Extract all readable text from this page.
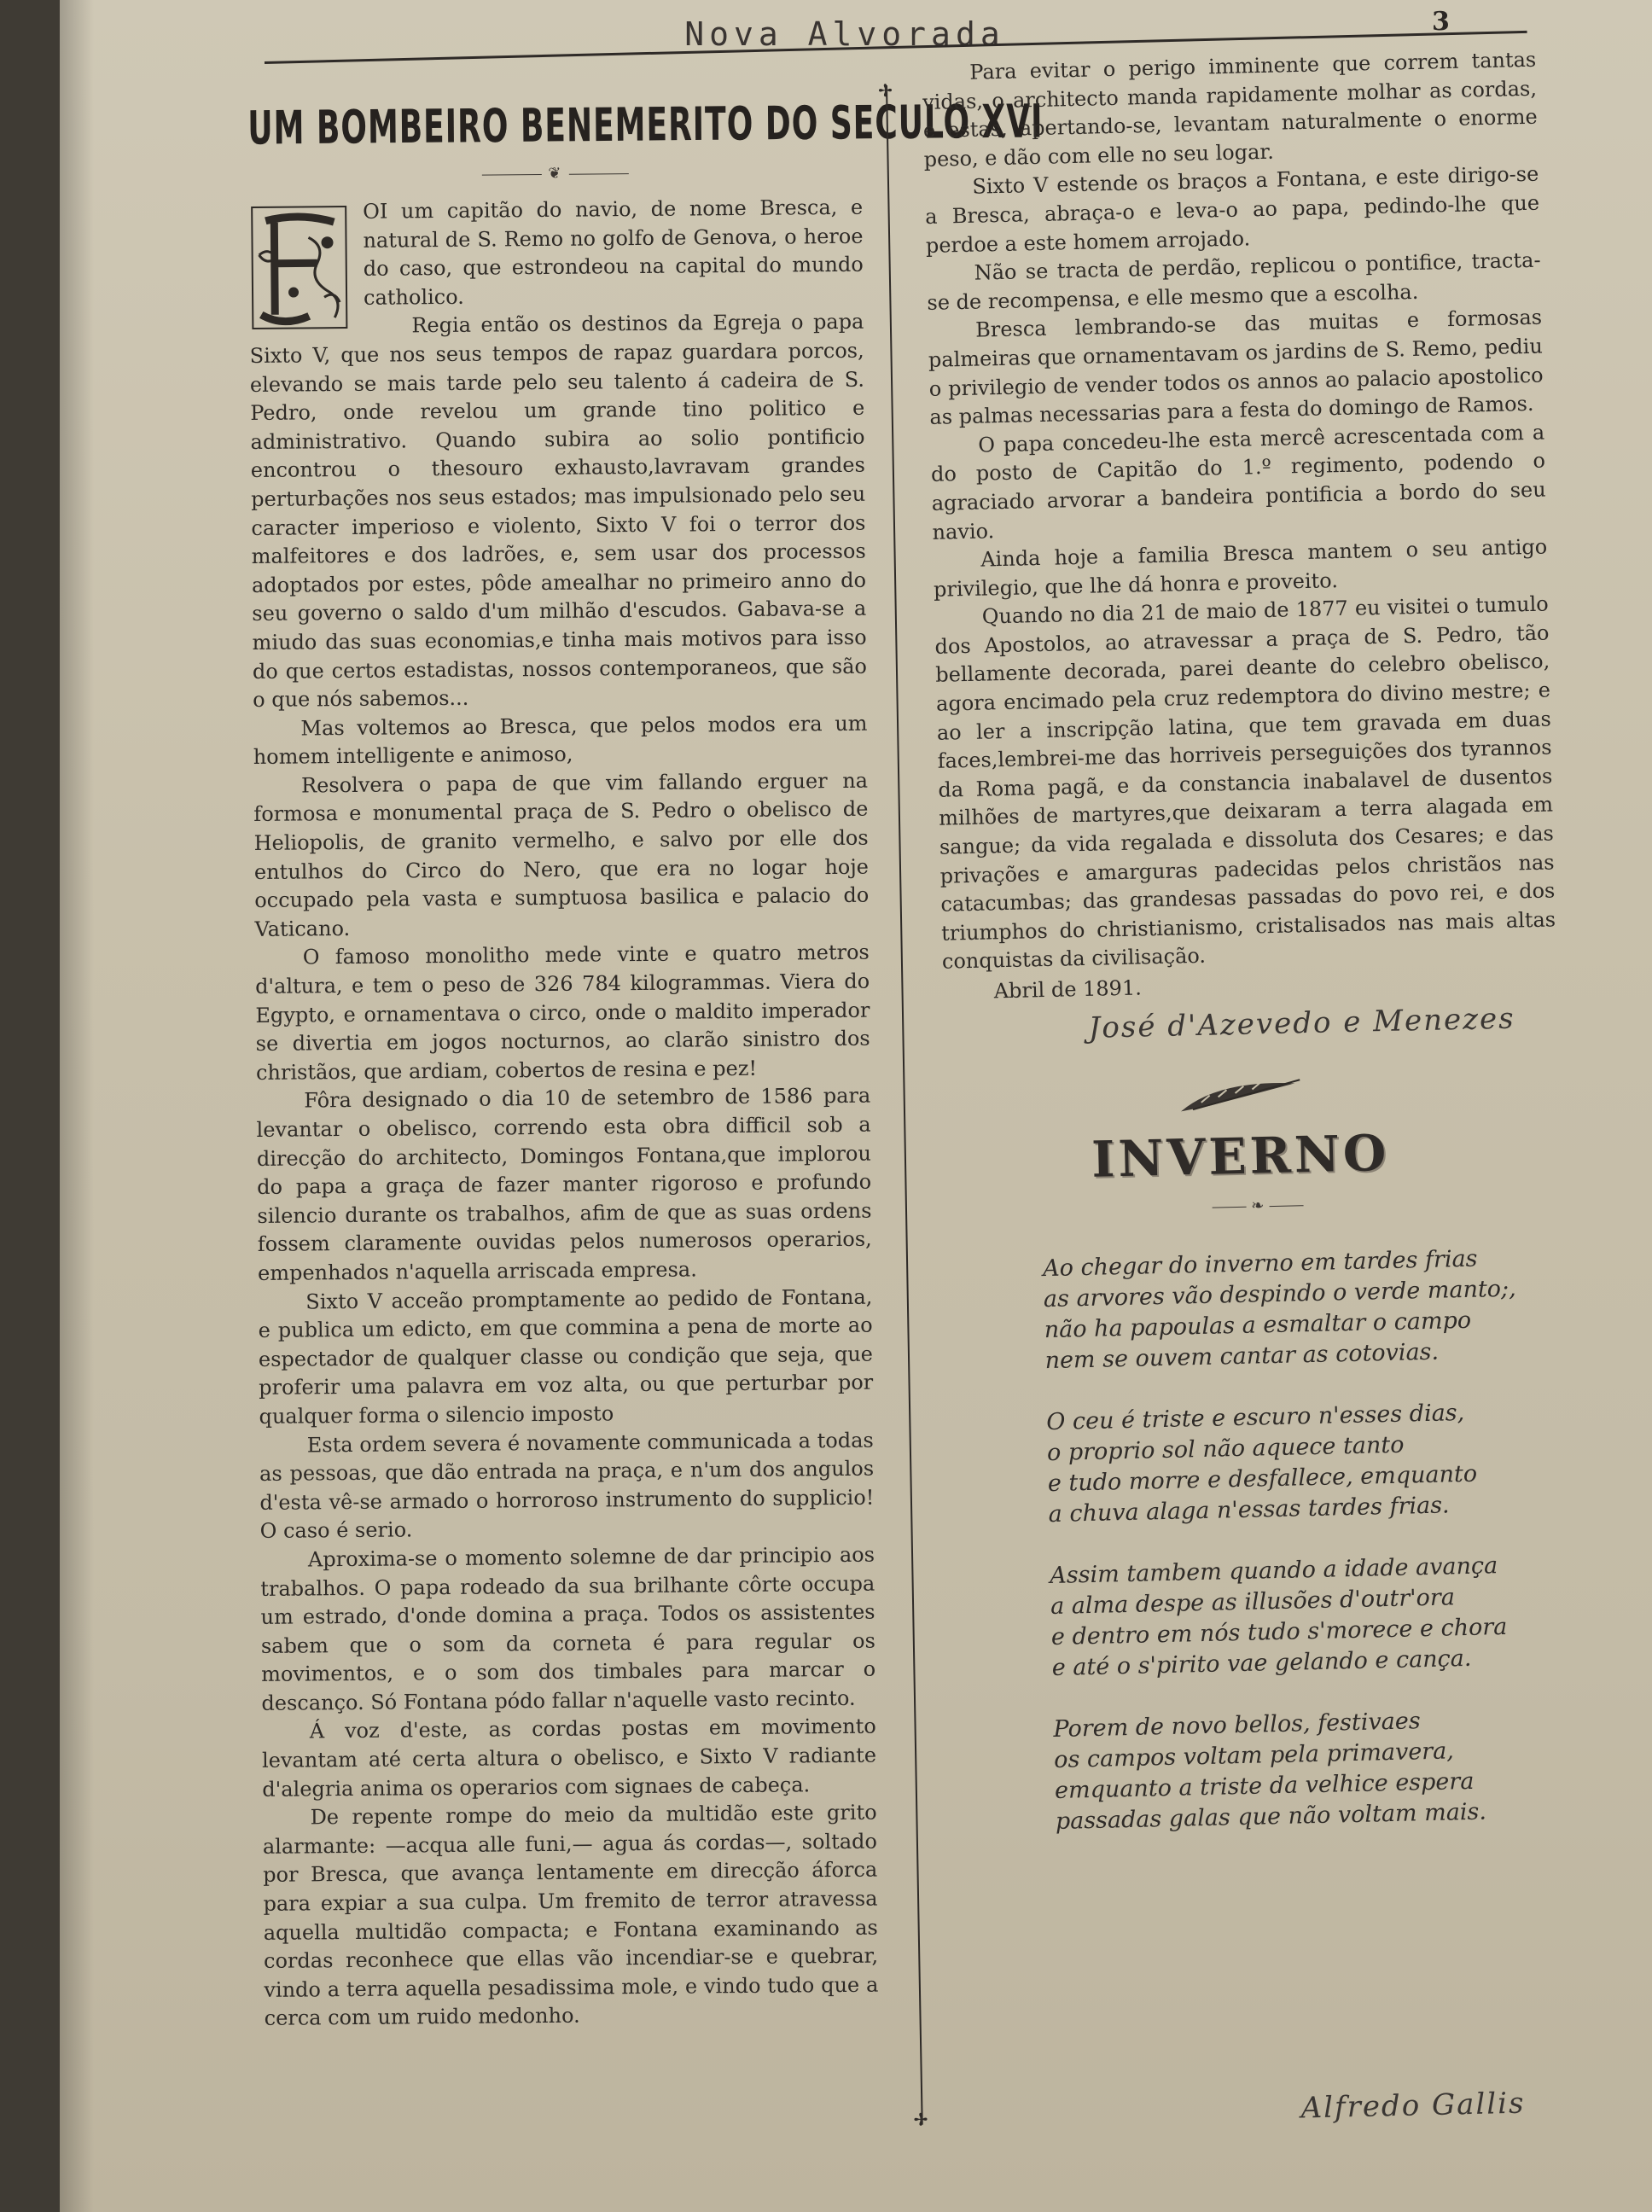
Nova Alvorada	3
UM BOMBEIRO BENEMERITO DO SECULO XVI
❦

OI um capitão do navio, de nome Bresca, e natural de S. Remo no golfo de Genova, o heroe do caso, que estrondeou na capital do mundo catholico.

Regia então os destinos da Egreja o papa Sixto V, que nos seus tempos de rapaz guardara porcos, elevando se mais tarde pelo seu talento á cadeira de S. Pedro, onde revelou um grande tino politico e administrativo. Quando subira ao solio pontificio encontrou o thesouro exhausto,lavravam grandes perturbações nos seus estados; mas impulsionado pelo seu caracter imperioso e violento, Sixto V foi o terror dos malfeitores e dos ladrões, e, sem usar dos processos adoptados por estes, pôde amealhar no primeiro anno do seu governo o saldo d'um milhão d'escudos. Gabava-se a miudo das suas economias,e tinha mais motivos para isso do que certos estadistas, nossos contemporaneos, que são o que nós sabemos...

Mas voltemos ao Bresca, que pelos modos era um homem intelligente e animoso,

Resolvera o papa de que vim fallando erguer na formosa e monumental praça de S. Pedro o obelisco de Heliopolis, de granito vermelho, e salvo por elle dos entulhos do Circo do Nero, que era no logar hoje occupado pela vasta e sumptuosa basilica e palacio do Vaticano.

O famoso monolitho mede vinte e quatro metros d'altura, e tem o peso de 326 784 kilogrammas. Viera do Egypto, e ornamentava o circo, onde o maldito imperador se divertia em jogos nocturnos, ao clarão sinistro dos christãos, que ardiam, cobertos de resina e pez!

Fôra designado o dia 10 de setembro de 1586 para levantar o obelisco, correndo esta obra difficil sob a direcção do architecto, Domingos Fontana,que implorou do papa a graça de fazer manter rigoroso e profundo silencio durante os trabalhos, afim de que as suas ordens fossem claramente ouvidas pelos numerosos operarios, empenhados n'aquella arriscada empresa.

Sixto V acceão promptamente ao pedido de Fontana, e publica um edicto, em que commina a pena de morte ao espectador de qualquer classe ou condição que seja, que proferir uma palavra em voz alta, ou que perturbar por qualquer forma o silencio imposto

Esta ordem severa é novamente communicada a todas as pessoas, que dão entrada na praça, e n'um dos angulos d'esta vê-se armado o horroroso instrumento do supplicio! O caso é serio.

Aproxima-se o momento solemne de dar principio aos trabalhos. O papa rodeado da sua brilhante côrte occupa um estrado, d'onde domina a praça. Todos os assistentes sabem que o som da corneta é para regular os movimentos, e o som dos timbales para marcar o descanço. Só Fontana pódo fallar n'aquelle vasto recinto.

Á voz d'este, as cordas postas em movimento levantam até certa altura o obelisco, e Sixto V radiante d'alegria anima os operarios com signaes de cabeça.

De repente rompe do meio da multidão este grito alarmante: —acqua alle funi,— agua ás cordas—, soltado por Bresca, que avança lentamente em direcção áforca para expiar a sua culpa. Um fremito de terror atravessa aquella multidão compacta; e Fontana examinando as cordas reconhece que ellas vão incendiar-se e quebrar, vindo a terra aquella pesadissima mole, e vindo tudo que a cerca com um ruido medonho.

✢ ✢

Para evitar o perigo imminente que correm tantas vidas, o architecto manda rapidamente molhar as cordas, e estas, apertando-se, levantam naturalmente o enorme peso, e dão com elle no seu logar.

Sixto V estende os braços a Fontana, e este dirigo-se a Bresca, abraça-o e leva-o ao papa, pedindo-lhe que perdoe a este homem arrojado.

Não se tracta de perdão, replicou o pontifice, tracta-se de recompensa, e elle mesmo que a escolha.

Bresca lembrando-se das muitas e formosas palmeiras que ornamentavam os jardins de S. Remo, pediu o privilegio de vender todos os annos ao palacio apostolico as palmas necessarias para a festa do domingo de Ramos.

O papa concedeu-lhe esta mercê acrescentada com a do posto de Capitão do 1.º regimento, podendo o agraciado arvorar a bandeira pontificia a bordo do seu navio.

Ainda hoje a familia Bresca mantem o seu antigo privilegio, que lhe dá honra e proveito.

Quando no dia 21 de maio de 1877 eu visitei o tumulo dos Apostolos, ao atravessar a praça de S. Pedro, tão bellamente decorada, parei deante do celebro obelisco, agora encimado pela cruz redemptora do divino mestre; e ao ler a inscripção latina, que tem gravada em duas faces,lembrei-me das horriveis perseguições dos tyrannos da Roma pagã, e da constancia inabalavel de dusentos milhões de martyres,que deixaram a terra alagada em sangue; da vida regalada e dissoluta dos Cesares; e das privações e amarguras padecidas pelos christãos nas catacumbas; das grandesas passadas do povo rei, e dos triumphos do christianismo, cristalisados nas mais altas conquistas da civilisação.

Abril de 1891.
José d'Azevedo e Menezes
INVERNO
❧
Ao chegar do inverno em tardes frias
as arvores vão despindo o verde manto;,
não ha papoulas a esmaltar o campo
nem se ouvem cantar as cotovias.
O ceu é triste e escuro n'esses dias,
o proprio sol não aquece tanto
e tudo morre e desfallece, emquanto
a chuva alaga n'essas tardes frias.
Assim tambem quando a idade avança
a alma despe as illusões d'outr'ora
e dentro em nós tudo s'morece e chora
e até o s'pirito vae gelando e cança.
Porem de novo bellos, festivaes
os campos voltam pela primavera,
emquanto a triste da velhice espera
passadas galas que não voltam mais.
Alfredo Gallis
